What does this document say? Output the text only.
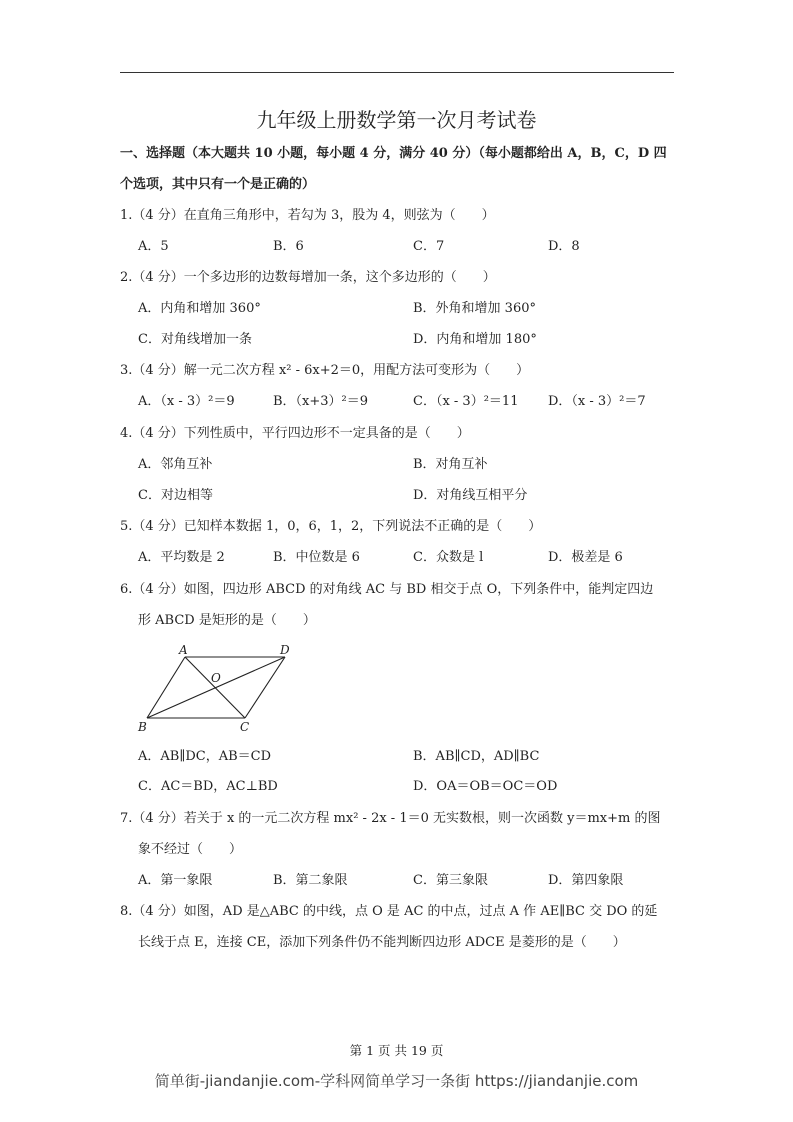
九年级上册数学第一次月考试卷
一、选择题（本大题共 10 小题，每小题 4 分，满分 40 分）（每小题都给出 A，B，C，D 四
个选项，其中只有一个是正确的）
1.（4 分）在直角三角形中，若勾为 3，股为 4，则弦为（　　）
A．5	B．6	C．7	D．8
2.（4 分）一个多边形的边数每增加一条，这个多边形的（　　）
A．内角和增加 360°	B．外角和增加 360°
C．对角线增加一条	D．内角和增加 180°
3.（4 分）解一元二次方程 x² - 6x+2＝0，用配方法可变形为（　　）
A．（x - 3）²＝9	B．（x+3）²＝9	C．（x - 3）²＝11 D．（x - 3）²＝7
4.（4 分）下列性质中，平行四边形不一定具备的是（　　）
A．邻角互补	B．对角互补
C．对边相等	D．对角线互相平分
5.（4 分）已知样本数据 1，0，6，1，2，下列说法不正确的是（　　）
A．平均数是 2	B．中位数是 6	C．众数是 l	D．极差是 6
6.（4 分）如图，四边形 ABCD 的对角线 AC 与 BD 相交于点 O，下列条件中，能判定四边
形 ABCD 是矩形的是（　　）
A．AB∥DC，AB＝CD	B．AB∥CD，AD∥BC
C．AC＝BD，AC⊥BD	D．OA＝OB＝OC＝OD
7.（4 分）若关于 x 的一元二次方程 mx² - 2x - 1＝0 无实数根，则一次函数 y＝mx+m 的图
象不经过（　　）
A．第一象限	B．第二象限	C．第三象限	D．第四象限
8.（4 分）如图，AD 是△ABC 的中线，点 O 是 AC 的中点，过点 A 作 AE∥BC 交 DO 的延
长线于点 E，连接 CE，添加下列条件仍不能判断四边形 ADCE 是菱形的是（　　）
A	D
O
B	C
第 1 页 共 19 页
简单街-jiandanjie.com-学科网简单学习一条街 https://jiandanjie.com
